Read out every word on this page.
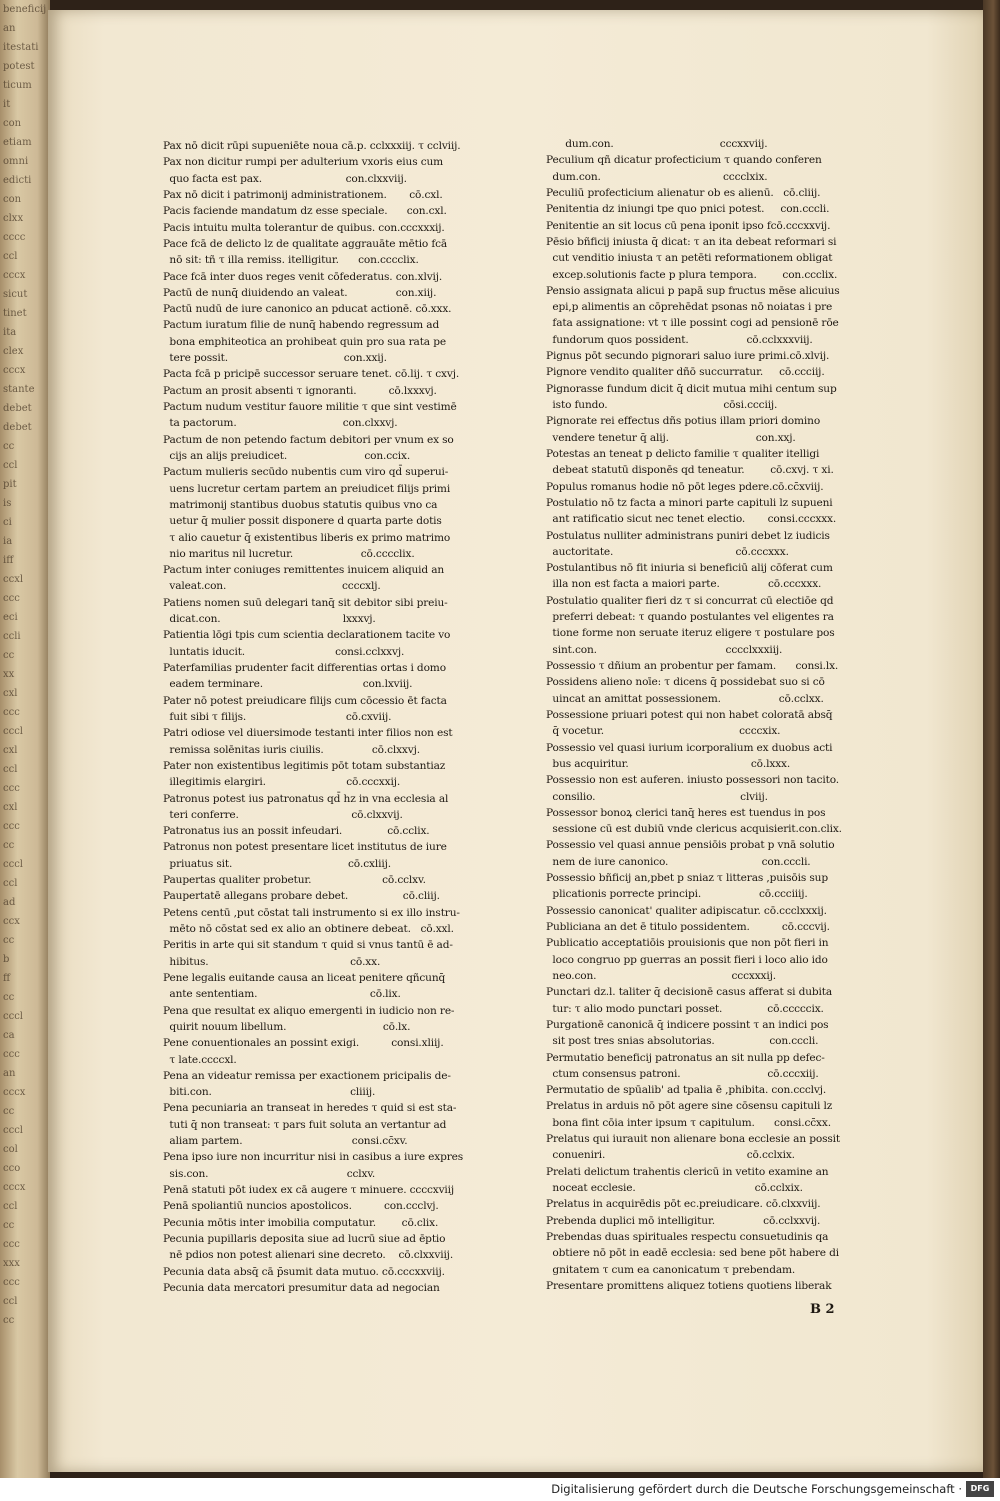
beneficij
an
itestati
potest
ticum
it
con
etiam
omni
edicti
con
clxx
cccc
ccl
cccx
sicut
tinet
ita
clex
cccx
stante
debet
debet
cc
ccl
pit
is
ci
ia
iff
ccxl
ccc
eci
ccli
cc
xx
cxl
ccc
cccl
cxl
ccl
ccc
cxl
ccc
cc
cccl
ccl
ad
ccx
cc
b
ff
cc
cccl
ca
ccc
an
cccx
cc
cccl
col
cco
cccx
ccl
cc
ccc
xxx
ccc
ccl
cc

Pax nō dicit rūpi supueniēte noua cā.p. cclxxxiij. τ cclviij.

Pax non dicitur rumpi per adulterium vxoris eius cum

quo facta est pax.                          con.clxxviij.

Pax nō dicit i patrimonij administrationem.       cō.cxl.

Pacis faciende mandatum dz esse speciale.      con.cxl.

Pacis intuitu multa tolerantur de quibus. con.cccxxxij.

Pace fcā de delicto lz de qualitate aggrauāte mētio fcā

nō sit: tñ τ illa remiss. itelligitur.      con.cccclix.

Pace fcā inter duos reges venit cōfederatus. con.xlvij.

Pactū de nunq̄ diuidendo an valeat.               con.xiij.

Pactū nudū de iure canonico an pducat actionē. cō.xxx.

Pactum iuratum filie de nunq̄ habendo regressum ad

bona emphiteotica an prohibeat quin pro sua rata pe

tere possit.                                    con.xxij.

Pacta fcā p pricipē successor seruare tenet. cō.lij. τ cxvj.

Pactum an prosit absenti τ ignoranti.          cō.lxxxvj.

Pactum nudum vestitur fauore militie τ que sint vestimē

ta pactorum.                                 con.clxxvj.

Pactum de non petendo factum debitori per vnum ex so

cijs an alijs preiudicet.                        con.ccix.

Pactum mulieris secūdo nubentis cum viro qd̄ superui-

uens lucretur certam partem an preiudicet filijs primi

matrimonij stantibus duobus statutis quibus vno ca

uetur q̄ mulier possit disponere d quarta parte dotis

τ alio cauetur q̄ existentibus liberis ex primo matrimo

nio maritus nil lucretur.                     cō.cccclix.

Pactum inter coniuges remittentes inuicem aliquid an

valeat.con.                                    ccccxlj.

Patiens nomen suū delegari tanq̄ sit debitor sibi preiu-

dicat.con.                                      lxxxvj.

Patientia lōgi tpis cum scientia declarationem tacite vo

luntatis iducit.                            consi.cclxxvj.

Paterfamilias prudenter facit differentias ortas i domo

eadem terminare.                               con.lxviij.

Pater nō potest preiudicare filijs cum cōcessio ēt facta

fuit sibi τ filijs.                               cō.cxviij.

Patri odiose vel diuersimode testanti inter filios non est

remissa solēnitas iuris ciuilis.               cō.clxxvj.

Pater non existentibus legitimis pōt totam substantiaz

illegitimis elargiri.                         cō.cccxxij.

Patronus potest ius patronatus qd̄ hz in vna ecclesia al

teri conferre.                                   cō.clxxvij.

Patronatus ius an possit infeudari.              cō.cclix.

Patronus non potest presentare licet institutus de iure

priuatus sit.                                    cō.cxliij.

Paupertas qualiter probetur.                      cō.cclxv.

Paupertatē allegans probare debet.                 cō.cliij.

Petens centū ,put cōstat tali instrumento si ex illo instru-

mēto nō cōstat sed ex alio an obtinere debeat.   cō.xxl.

Peritis in arte qui sit standum τ quid si vnus tantū ē ad-

hibitus.                                            cō.xx.

Pene legalis euitande causa an liceat penitere qñcunq̄

ante sententiam.                                   cō.lix.

Pena que resultat ex aliquo emergenti in iudicio non re-

quirit nouum libellum.                              cō.lx.

Pene conuentionales an possint exigi.          consi.xliij.

τ late.ccccxl.

Pena an videatur remissa per exactionem pricipalis de-

biti.con.                                           cliiij.

Pena pecuniaria an transeat in heredes τ quid si est sta-

tuti q̄ non transeat: τ pars fuit soluta an vertantur ad

aliam partem.                                  consi.cc̄xv.

Pena ipso iure non incurritur nisi in casibus a iure expres

sis.con.                                           cclxv.

Penā statuti pōt iudex ex cā augere τ minuere. ccccxviij

Penā spoliantiū nuncios apostolicos.          con.ccclvj.

Pecunia mōtis inter imobilia computatur.        cō.clix.

Pecunia pupillaris deposita siue ad lucrū siue ad ēptio

nē pdios non potest alienari sine decreto.    cō.clxxviij.

Pecunia data absq̄ cā p̄sumit data mutuo. cō.cccxxviij.

Pecunia data mercatori presumitur data ad negocian

dum.con.                                 cccxxviij.

Peculium qñ dicatur profecticium τ quando conferen

dum.con.                                      cccclxix.

Peculiū profecticium alienatur ob es alienū.   cō.cliij.

Penitentia dz iniungi tpe quo pnici potest.     con.cccli.

Penitentie an sit locus cū pena iponit ipso fcō.cccxxvij.

Pēsio bñficij iniusta q̄ dicat: τ an ita debeat reformari si

cut venditio iniusta τ an petēti reformationem obligat

excep.solutionis facte p plura tempora.        con.ccclix.

Pensio assignata alicui p papā sup fructus mēse alicuius

epi,p alimentis an cōprehēdat psonas nō noiatas i pre

fata assignatione: vt τ ille possint cogi ad pensionē rōe

fundorum quos possident.                  cō.cclxxxviij.

Pignus pōt secundo pignorari saluo iure primi.cō.xlvij.

Pignore vendito qualiter dñō succurratur.     cō.ccciij.

Pignorasse fundum dicit q̄ dicit mutua mihi centum sup

isto fundo.                                    cōsi.ccciij.

Pignorate rei effectus dñs potius illam priori domino

vendere tenetur q̄ alij.                           con.xxj.

Potestas an teneat p delicto familie τ qualiter itelligi

debeat statutū disponēs qd teneatur.        cō.cxvj. τ xi.

Populus romanus hodie nō pōt leges pdere.cō.cc̄xviij.

Postulatio nō tz facta a minori parte capituli lz supueni

ant ratificatio sicut nec tenet electio.       consi.cccxxx.

Postulatus nulliter administrans puniri debet lz iudicis

auctoritate.                                      cō.cccxxx.

Postulantibus nō fit iniuria si beneficiū alij cōferat cum

illa non est facta a maiori parte.               cō.cccxxx.

Postulatio qualiter fieri dz τ si concurrat cū electiōe qd

preferri debeat: τ quando postulantes vel eligentes ra

tione forme non seruate iteruz eligere τ postulare pos

sint.con.                                        cccclxxxiij.

Possessio τ dñium an probentur per famam.      consi.lx.

Possidens alieno noīe: τ dicens q̄ possidebat suo si cō

uincat an amittat possessionem.                  cō.cclxx.

Possessione priuari potest qui non habet coloratā absq̄

q̄ vocetur.                                          ccccxix.

Possessio vel quasi iurium icorporalium ex duobus acti

bus acquiritur.                                      cō.lxxx.

Possessio non est auferen. iniusto possessori non tacito.

consilio.                                             clviij.

Possessor bonoꝝ clerici tanq̄ heres est tuendus in pos

sessione cū est dubiū vnde clericus acquisierit.con.clix.

Possessio vel quasi annue pensiōis probat p vnā solutio

nem de iure canonico.                             con.cccli.

Possessio bñficij an,pbet p sniaz τ litteras ,puisōis sup

plicationis porrecte principi.                  cō.ccciiij.

Possessio canonicat' qualiter adipiscatur. cō.ccclxxxij.

Publiciana an det ē titulo possidentem.          cō.cccvij.

Publicatio acceptatiōis prouisionis que non pōt fieri in

loco congruo pp guerras an possit fieri i loco alio ido

neo.con.                                          cccxxxij.

Punctari dz.l. taliter q̄ decisionē casus afferat si dubita

tur: τ alio modo punctari posset.              cō.cccccix.

Purgationē canonicā q̄ indicere possint τ an indici pos

sit post tres snias absolutorias.                 con.cccli.

Permutatio beneficij patronatus an sit nulla pp defec-

ctum consensus patroni.                           cō.cccxiij.

Permutatio de spūalib' ad tpalia ē ,phibita. con.ccclvj.

Prelatus in arduis nō pōt agere sine cōsensu capituli lz

bona fint cōia inter ipsum τ capitulum.      consi.cc̄xx.

Prelatus qui iurauit non alienare bona ecclesie an possit

conueniri.                                            cō.cclxix.

Prelati delictum trahentis clericū in vetito examine an

noceat ecclesie.                                     cō.cclxix.

Prelatus in acquirēdis pōt ec.preiudicare. cō.clxxviij.

Prebenda duplici mō intelligitur.               cō.cclxxvij.

Prebendas duas spirituales respectu consuetudinis qa

obtiere nō pōt in eadē ecclesia: sed bene pōt habere di

gnitatem τ cum ea canonicatum τ prebendam.

Presentare promittens aliquez totiens quotiens liberak

B 2
Digitalisierung gefördert durch die Deutsche Forschungsgemeinschaft ·	DFG
